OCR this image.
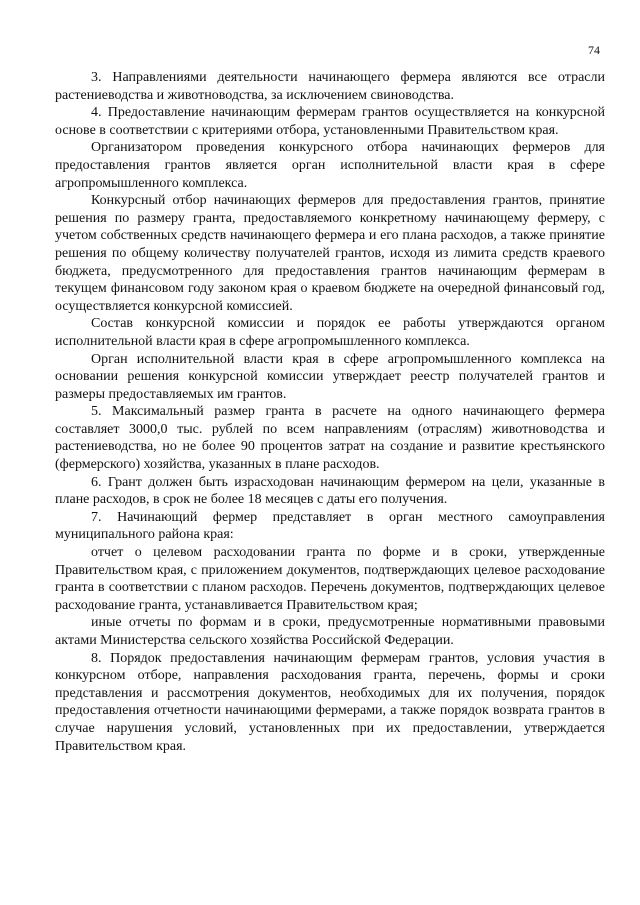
74

3. Направлениями деятельности начинающего фермера являются все отрасли растениеводства и животноводства, за исключением свиноводства.

4. Предоставление начинающим фермерам грантов осуществляется на конкурсной основе в соответствии с критериями отбора, установленными Правительством края.

Организатором проведения конкурсного отбора начинающих фермеров для предоставления грантов является орган исполнительной власти края в сфере агропромышленного комплекса.

Конкурсный отбор начинающих фермеров для предоставления грантов, принятие решения по размеру гранта, предоставляемого конкретному начинающему фермеру, с учетом собственных средств начинающего фермера и его плана расходов, а также принятие решения по общему количеству получателей грантов, исходя из лимита средств краевого бюджета, предусмотренного для предоставления грантов начинающим фермерам в текущем финансовом году законом края о краевом бюджете на очередной финансовый год, осуществляется конкурсной комиссией.

Состав конкурсной комиссии и порядок ее работы утверждаются органом исполнительной власти края в сфере агропромышленного комплекса.

Орган исполнительной власти края в сфере агропромышленного комплекса на основании решения конкурсной комиссии утверждает реестр получателей грантов и размеры предоставляемых им грантов.

5. Максимальный размер гранта в расчете на одного начинающего фермера составляет 3000,0 тыс. рублей по всем направлениям (отраслям) животноводства и растениеводства, но не более 90 процентов затрат на создание и развитие крестьянского (фермерского) хозяйства, указанных в плане расходов.

6. Грант должен быть израсходован начинающим фермером на цели, указанные в плане расходов, в срок не более 18 месяцев с даты его получения.

7. Начинающий фермер представляет в орган местного самоуправления муниципального района края:

отчет о целевом расходовании гранта по форме и в сроки, утвержденные Правительством края, с приложением документов, подтверждающих целевое расходование гранта в соответствии с планом расходов. Перечень документов, подтверждающих целевое расходование гранта, устанавливается Правительством края;

иные отчеты по формам и в сроки, предусмотренные нормативными правовыми актами Министерства сельского хозяйства Российской Федерации.

8. Порядок предоставления начинающим фермерам грантов, условия участия в конкурсном отборе, направления расходования гранта, перечень, формы и сроки представления и рассмотрения документов, необходимых для их получения, порядок предоставления отчетности начинающими фермерами, а также порядок возврата грантов в случае нарушения условий, установленных при их предоставлении, утверждается Правительством края.
